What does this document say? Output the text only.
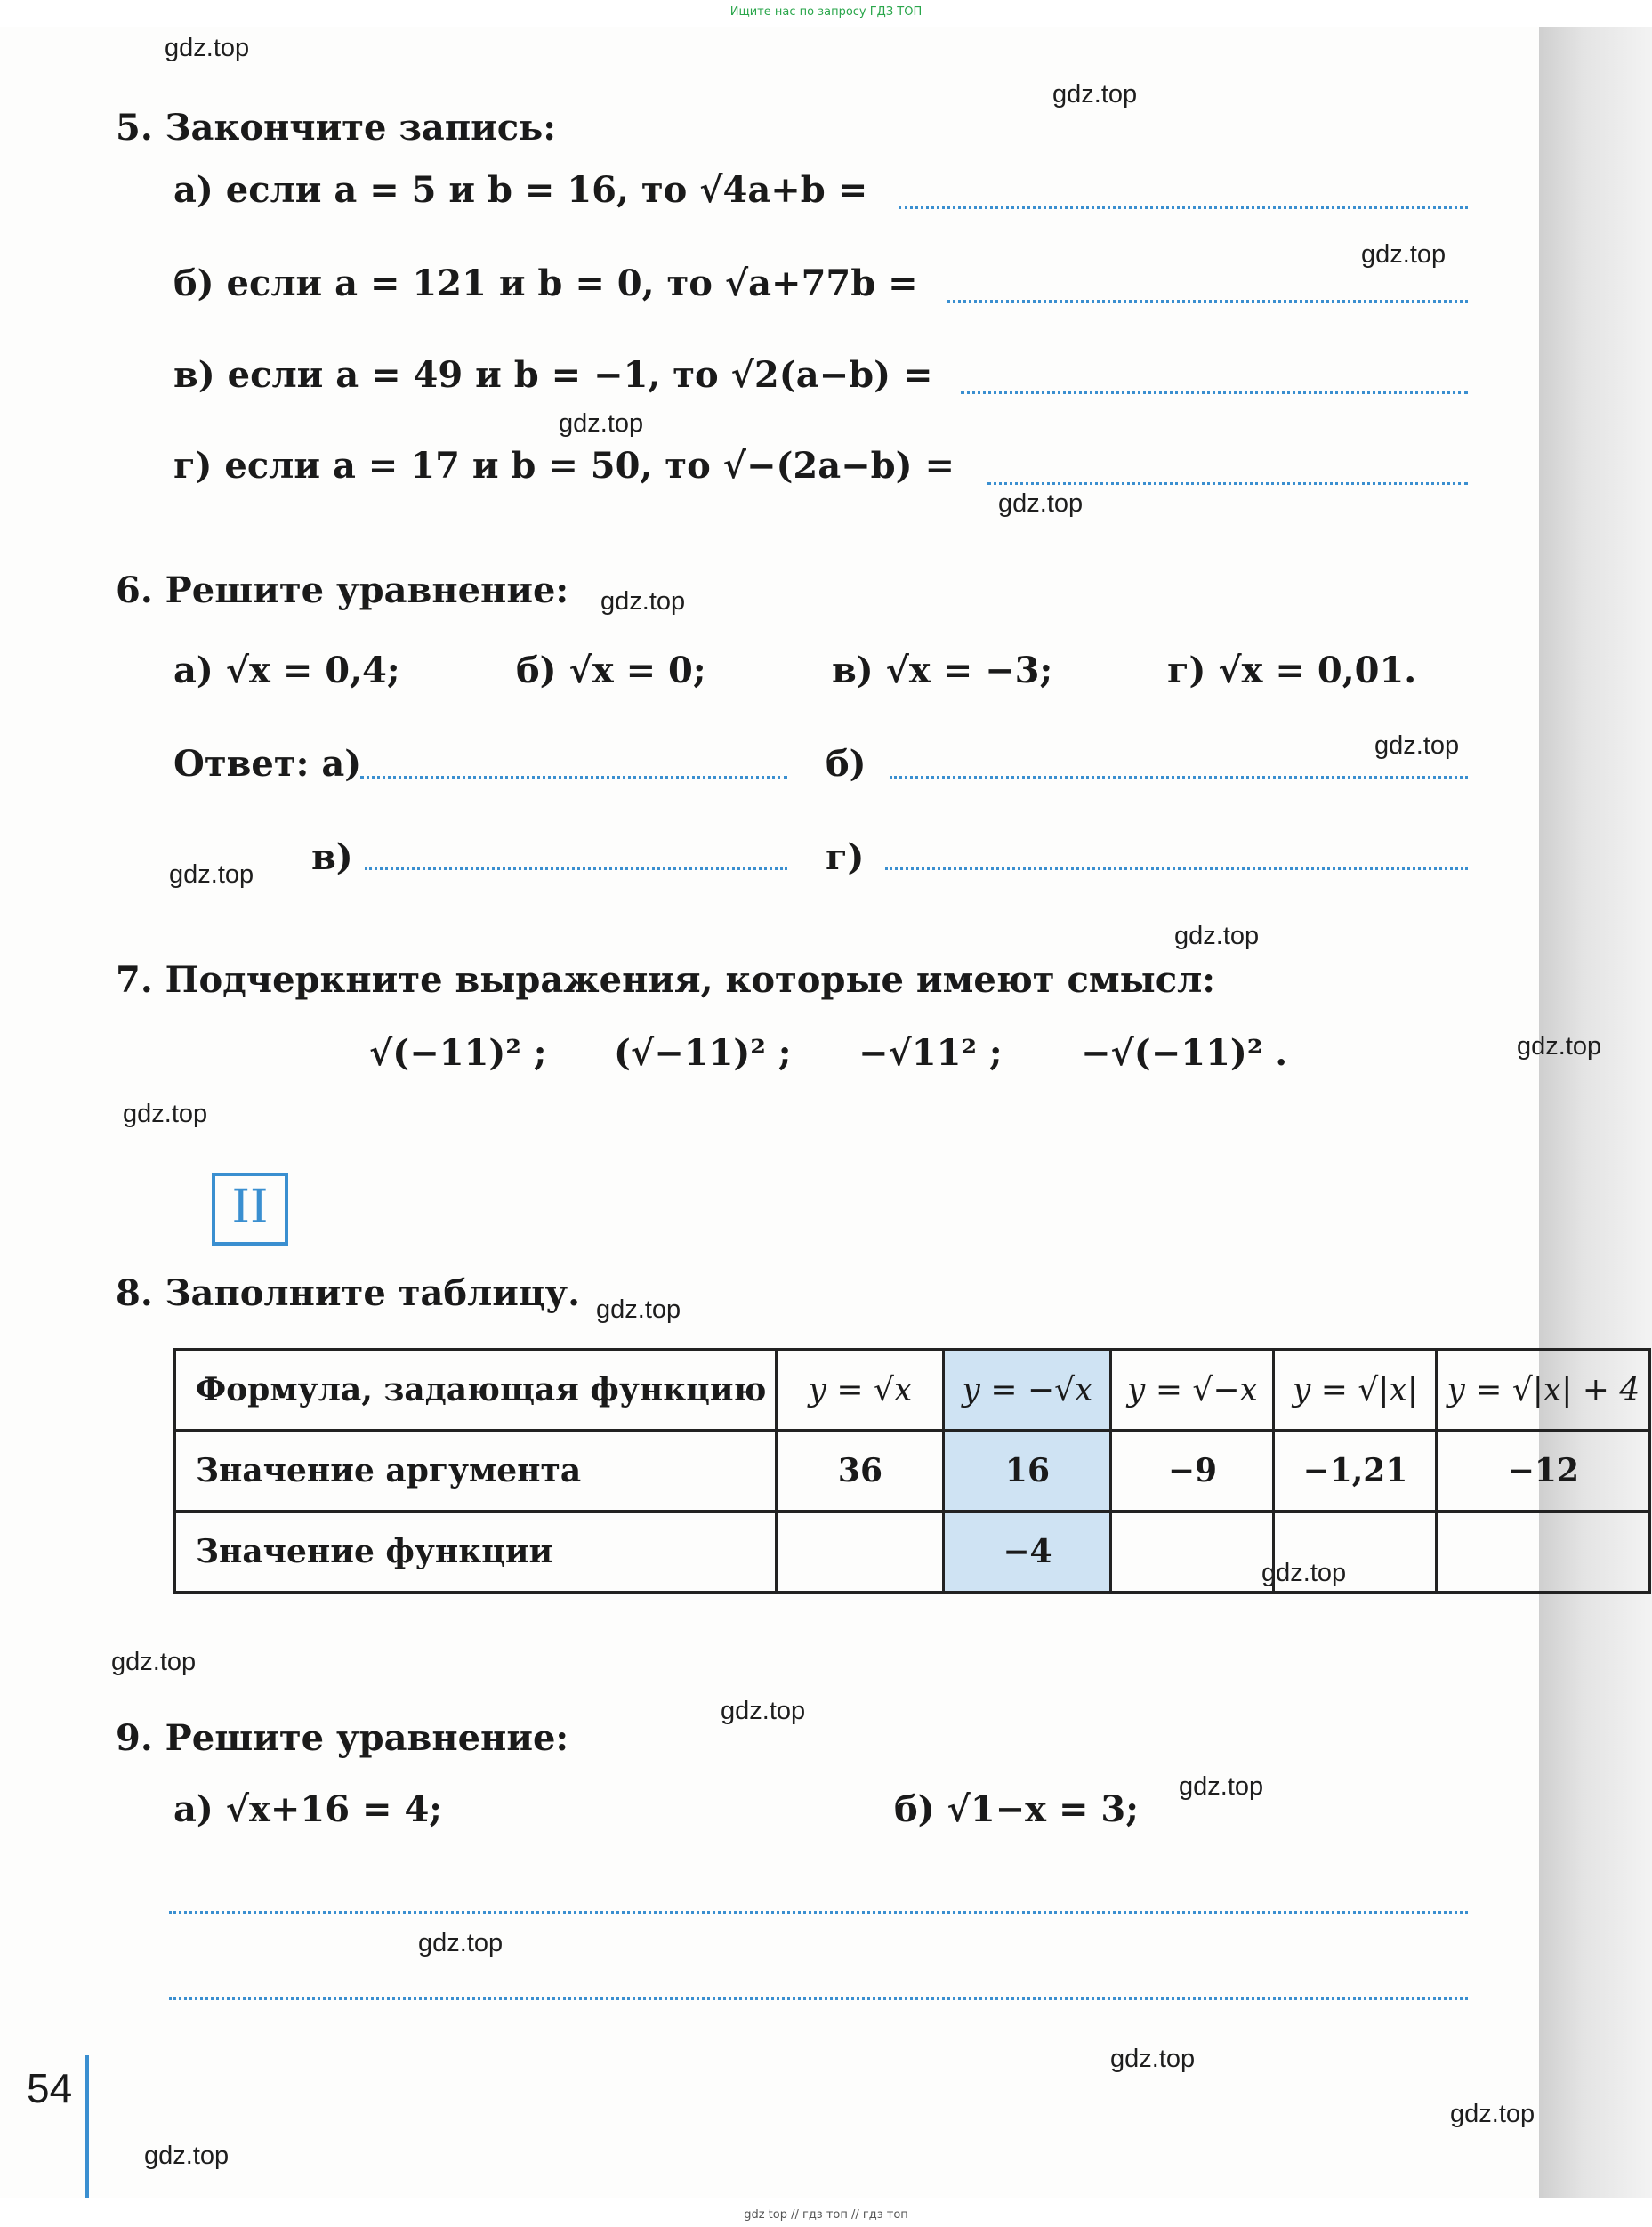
Ищите нас по запросу ГДЗ ТОП
gdz.top
gdz.top
gdz.top
gdz.top
gdz.top
gdz.top
gdz.top
gdz.top
gdz.top
gdz.top
gdz.top
gdz.top
gdz.top
gdz.top
gdz.top
gdz.top
gdz.top
gdz.top
gdz.top
gdz.top
5. Закончите запись:
а) если a = 5 и b = 16, то √4a+b =
б) если a = 121 и b = 0, то √a+77b =
в) если a = 49 и b = −1, то √2(a−b) =
г) если a = 17 и b = 50, то √−(2a−b) =
6. Решите уравнение:
а) √x = 0,4;	б) √x = 0;	в) √x = −3;	г) √x = 0,01.
Ответ: а)	б)
в)	г)
7. Подчеркните выражения, которые имеют смысл:
√(−11)² ; (√−11)² ; −√11² ; −√(−11)² .
II
8. Заполните таблицу.
Формула, задающая функцию	y = √x	y = −√x	y = √−x	y = √|x|	y = √|x| + 4
Значение аргумента	36	16	−9	−1,21	−12
Значение функции		−4			
9. Решите уравнение:
а) √x+16 = 4;	б) √1−x = 3;
54
gdz top // гдз топ // гдз топ
